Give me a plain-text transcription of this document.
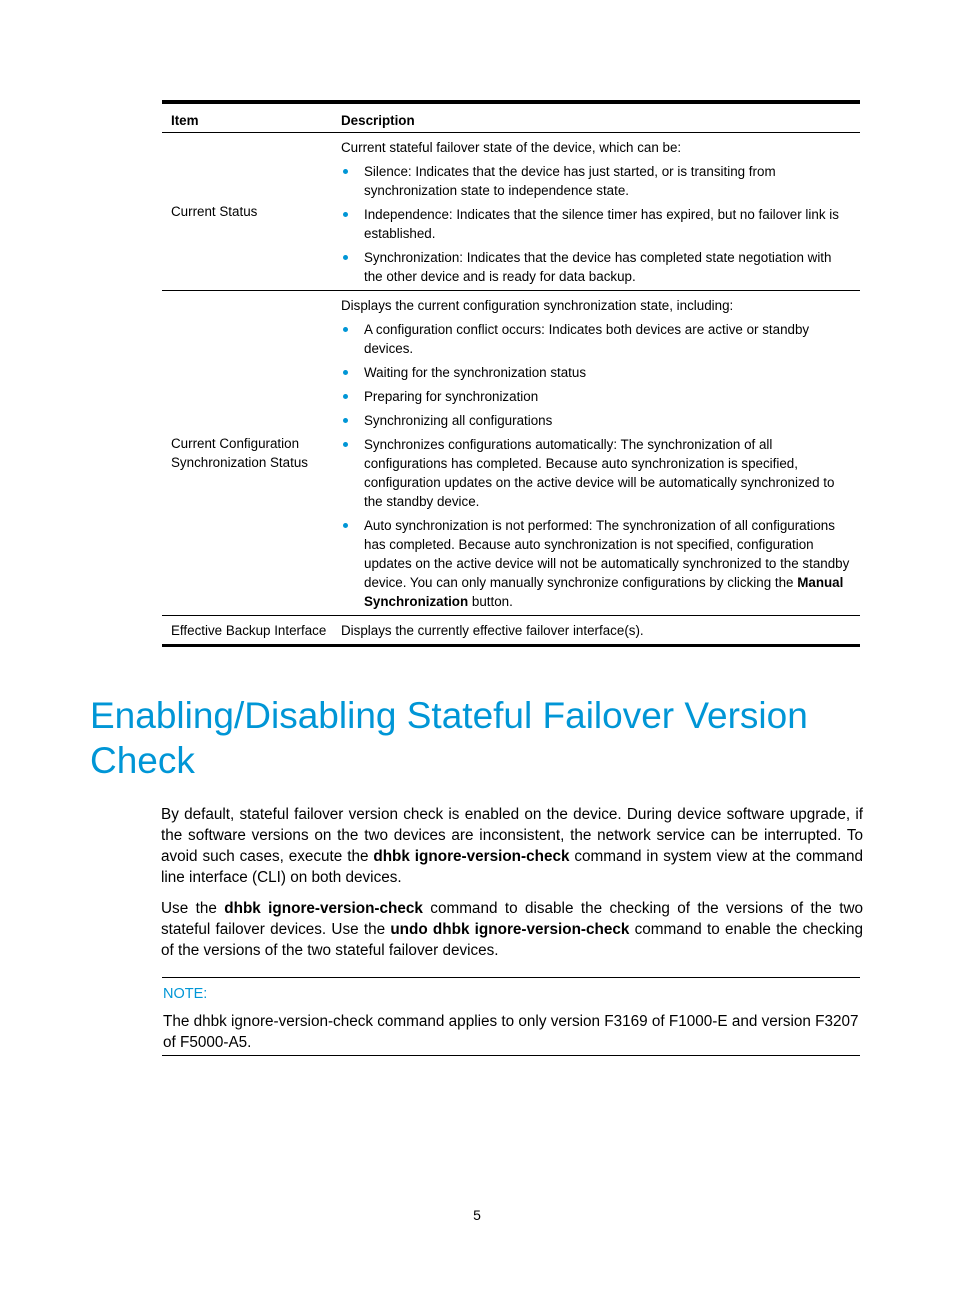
Item	Description
Current Status
Current stateful failover state of the device, which can be:
Silence: Indicates that the device has just started, or is transiting from synchronization state to independence state.
Independence: Indicates that the silence timer has expired, but no failover link is established.
Synchronization: Indicates that the device has completed state negotiation with the other device and is ready for data backup.
Current Configuration Synchronization Status
Displays the current configuration synchronization state, including:
A configuration conflict occurs: Indicates both devices are active or standby devices.
Waiting for the synchronization status
Preparing for synchronization
Synchronizing all configurations
Synchronizes configurations automatically: The synchronization of all configurations has completed. Because auto synchronization is specified, configuration updates on the active device will be automatically synchronized to the standby device.
Auto synchronization is not performed: The synchronization of all configurations has completed. Because auto synchronization is not specified, configuration updates on the active device will not be automatically synchronized to the standby device. You can only manually synchronize configurations by clicking the Manual Synchronization button.
Effective Backup Interface	Displays the currently effective failover interface(s).
Enabling/Disabling Stateful Failover Version Check

By default, stateful failover version check is enabled on the device. During device software upgrade, if the software versions on the two devices are inconsistent, the network service can be interrupted. To avoid such cases, execute the dhbk ignore-version-check command in system view at the command line interface (CLI) on both devices.

Use the dhbk ignore-version-check command to disable the checking of the versions of the two stateful failover devices. Use the undo dhbk ignore-version-check command to enable the checking of the versions of the two stateful failover devices.

NOTE:

The dhbk ignore-version-check command applies to only version F3169 of F1000-E and version F3207 of F5000-A5.

5
